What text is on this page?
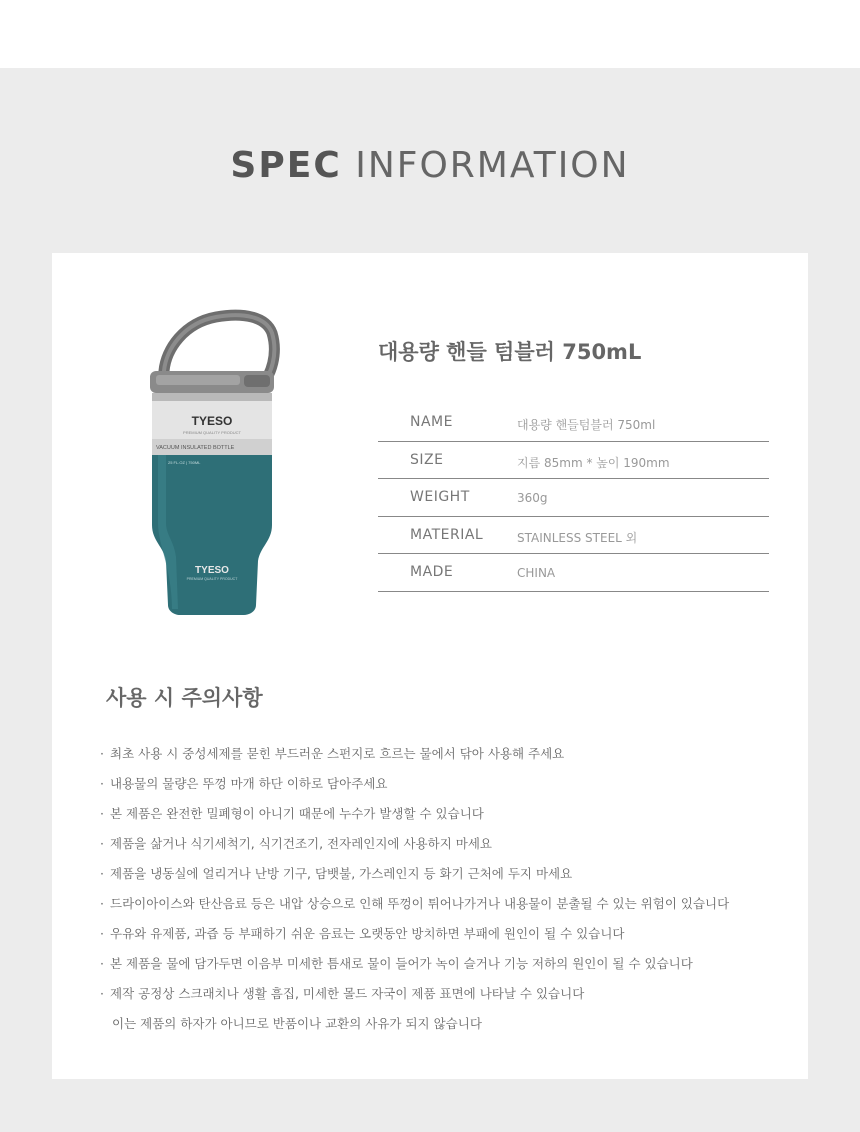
SPEC INFORMATION
TYESO
PREMIUM QUALITY PRODUCT
VACUUM INSULATED BOTTLE
25 FL.OZ | 750ML
TYESO
PREMIUM QUALITY PRODUCT
대용량 핸들 텀블러 750mL
NAME	대용량 핸들텀블러 750ml
SIZE	지름 85mm * 높이 190mm
WEIGHT	360g
MATERIAL	STAINLESS STEEL 외
MADE	CHINA
사용 시 주의사항
· 최초 사용 시 중성세제를 묻힌 부드러운 스펀지로 흐르는 물에서 닦아 사용해 주세요
· 내용물의 물량은 뚜껑 마개 하단 이하로 담아주세요
· 본 제품은 완전한 밀폐형이 아니기 때문에 누수가 발생할 수 있습니다
· 제품을 삶거나 식기세척기, 식기건조기, 전자레인지에 사용하지 마세요
· 제품을 냉동실에 얼리거나 난방 기구, 담뱃불, 가스레인지 등 화기 근처에 두지 마세요
· 드라이아이스와 탄산음료 등은 내압 상승으로 인해 뚜껑이 튀어나가거나 내용물이 분출될 수 있는 위험이 있습니다
· 우유와 유제품, 과즙 등 부패하기 쉬운 음료는 오랫동안 방치하면 부패에 원인이 될 수 있습니다
· 본 제품을 물에 담가두면 이음부 미세한 틈새로 물이 들어가 녹이 슬거나 기능 저하의 원인이 될 수 있습니다
· 제작 공정상 스크래치나 생활 흠집, 미세한 몰드 자국이 제품 표면에 나타날 수 있습니다
이는 제품의 하자가 아니므로 반품이나 교환의 사유가 되지 않습니다
